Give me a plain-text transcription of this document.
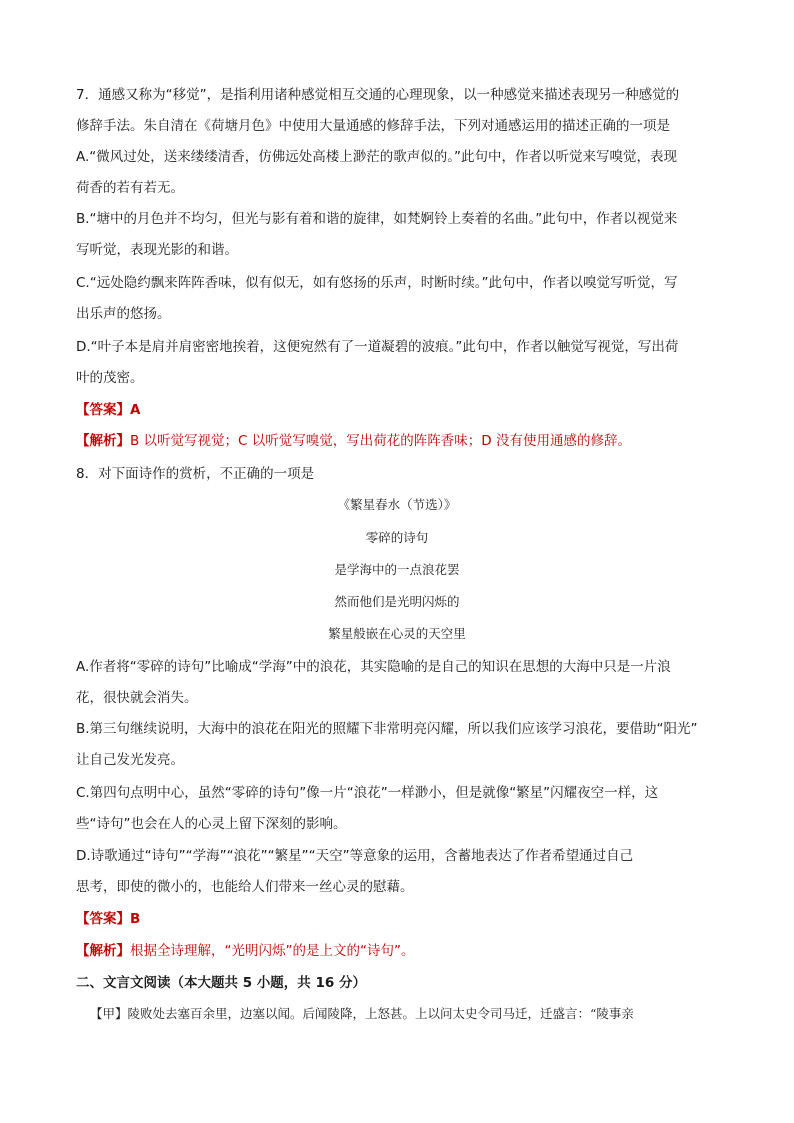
7．通感又称为“移觉”，是指利用诸种感觉相互交通的心理现象，以一种感觉来描述表现另一种感觉的
修辞手法。朱自清在《荷塘月色》中使用大量通感的修辞手法，下列对通感运用的描述正确的一项是
A.“微风过处，送来缕缕清香，仿佛远处高楼上渺茫的歌声似的。”此句中，作者以听觉来写嗅觉，表现
荷香的若有若无。
B.“塘中的月色并不均匀，但光与影有着和谐的旋律，如梵婀铃上奏着的名曲。”此句中，作者以视觉来
写听觉，表现光影的和谐。
C.“远处隐约飘来阵阵香味，似有似无，如有悠扬的乐声，时断时续。”此句中，作者以嗅觉写听觉，写
出乐声的悠扬。
D.“叶子本是肩并肩密密地挨着，这便宛然有了一道凝碧的波痕。”此句中，作者以触觉写视觉，写出荷
叶的茂密。
【答案】A
【解析】B 以听觉写视觉；C 以听觉写嗅觉，写出荷花的阵阵香味；D 没有使用通感的修辞。
8．对下面诗作的赏析，不正确的一项是
《繁星春水（节选）》
零碎的诗句
是学海中的一点浪花罢
然而他们是光明闪烁的
繁星般嵌在心灵的天空里
A.作者将“零碎的诗句”比喻成“学海”中的浪花，其实隐喻的是自己的知识在思想的大海中只是一片浪
花，很快就会消失。
B.第三句继续说明，大海中的浪花在阳光的照耀下非常明亮闪耀，所以我们应该学习浪花，要借助“阳光”
让自己发光发亮。
C.第四句点明中心，虽然“零碎的诗句”像一片“浪花”一样渺小，但是就像“繁星”闪耀夜空一样，这
些“诗句”也会在人的心灵上留下深刻的影响。
D.诗歌通过“诗句”“学海”“浪花”“繁星”“天空”等意象的运用，含蓄地表达了作者希望通过自己
思考，即使的微小的，也能给人们带来一丝心灵的慰藉。
【答案】B
【解析】根据全诗理解，“光明闪烁”的是上文的“诗句”。
二、文言文阅读（本大题共 5 小题，共 16 分）
【甲】陵败处去塞百余里，边塞以闻。后闻陵降，上怒甚。上以问太史令司马迁，迁盛言：“陵事亲
